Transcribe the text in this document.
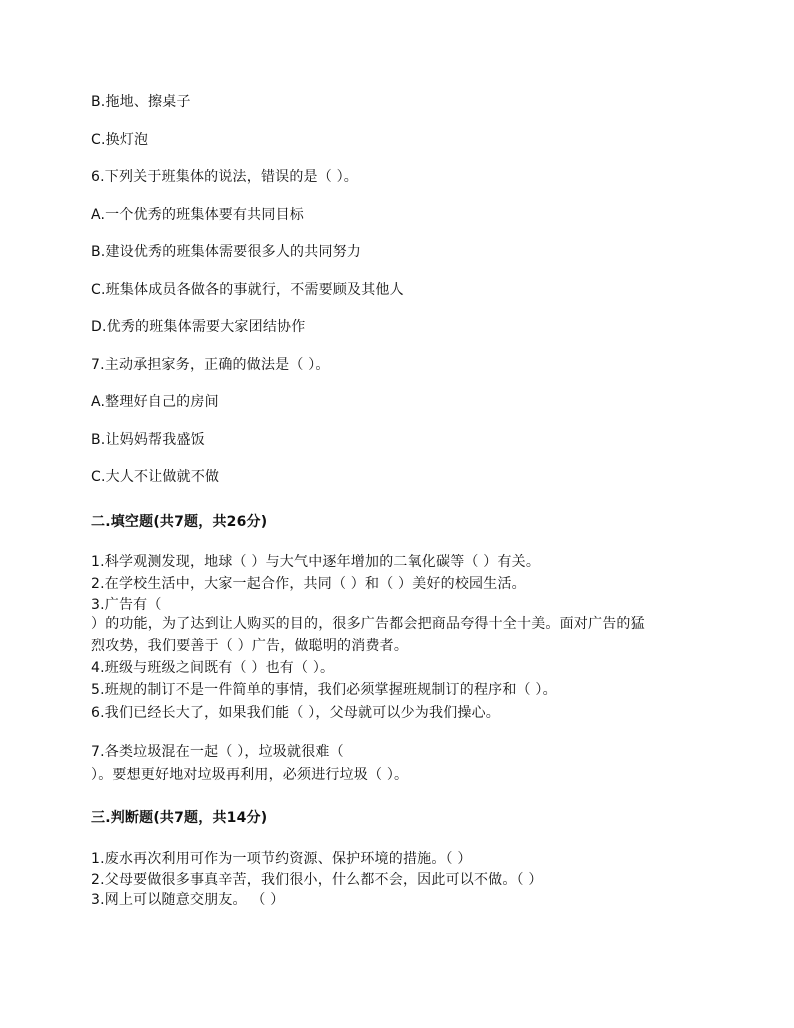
B.拖地、擦桌子
C.换灯泡
6.下列关于班集体的说法，错误的是（ ）。
A.一个优秀的班集体要有共同目标
B.建设优秀的班集体需要很多人的共同努力
C.班集体成员各做各的事就行，不需要顾及其他人
D.优秀的班集体需要大家团结协作
7.主动承担家务，正确的做法是（ ）。
A.整理好自己的房间
B.让妈妈帮我盛饭
C.大人不让做就不做
二.填空题(共7题，共26分)
1.科学观测发现，地球（ ）与大气中逐年增加的二氧化碳等（ ）有关。
2.在学校生活中，大家一起合作，共同（ ）和（ ）美好的校园生活。
3.广告有（
）的功能，为了达到让人购买的目的，很多广告都会把商品夸得十全十美。面对广告的猛
烈攻势，我们要善于（ ）广告，做聪明的消费者。
4.班级与班级之间既有（ ）也有（ ）。
5.班规的制订不是一件简单的事情，我们必须掌握班规制订的程序和（ ）。
6.我们已经长大了，如果我们能（ ），父母就可以少为我们操心。
7.各类垃圾混在一起（ ），垃圾就很难（
）。要想更好地对垃圾再利用，必须进行垃圾（ ）。
三.判断题(共7题，共14分)
1.废水再次利用可作为一项节约资源、保护环境的措施。（ ）
2.父母要做很多事真辛苦，我们很小，什么都不会，因此可以不做。（ ）
3.网上可以随意交朋友。 （ ）
